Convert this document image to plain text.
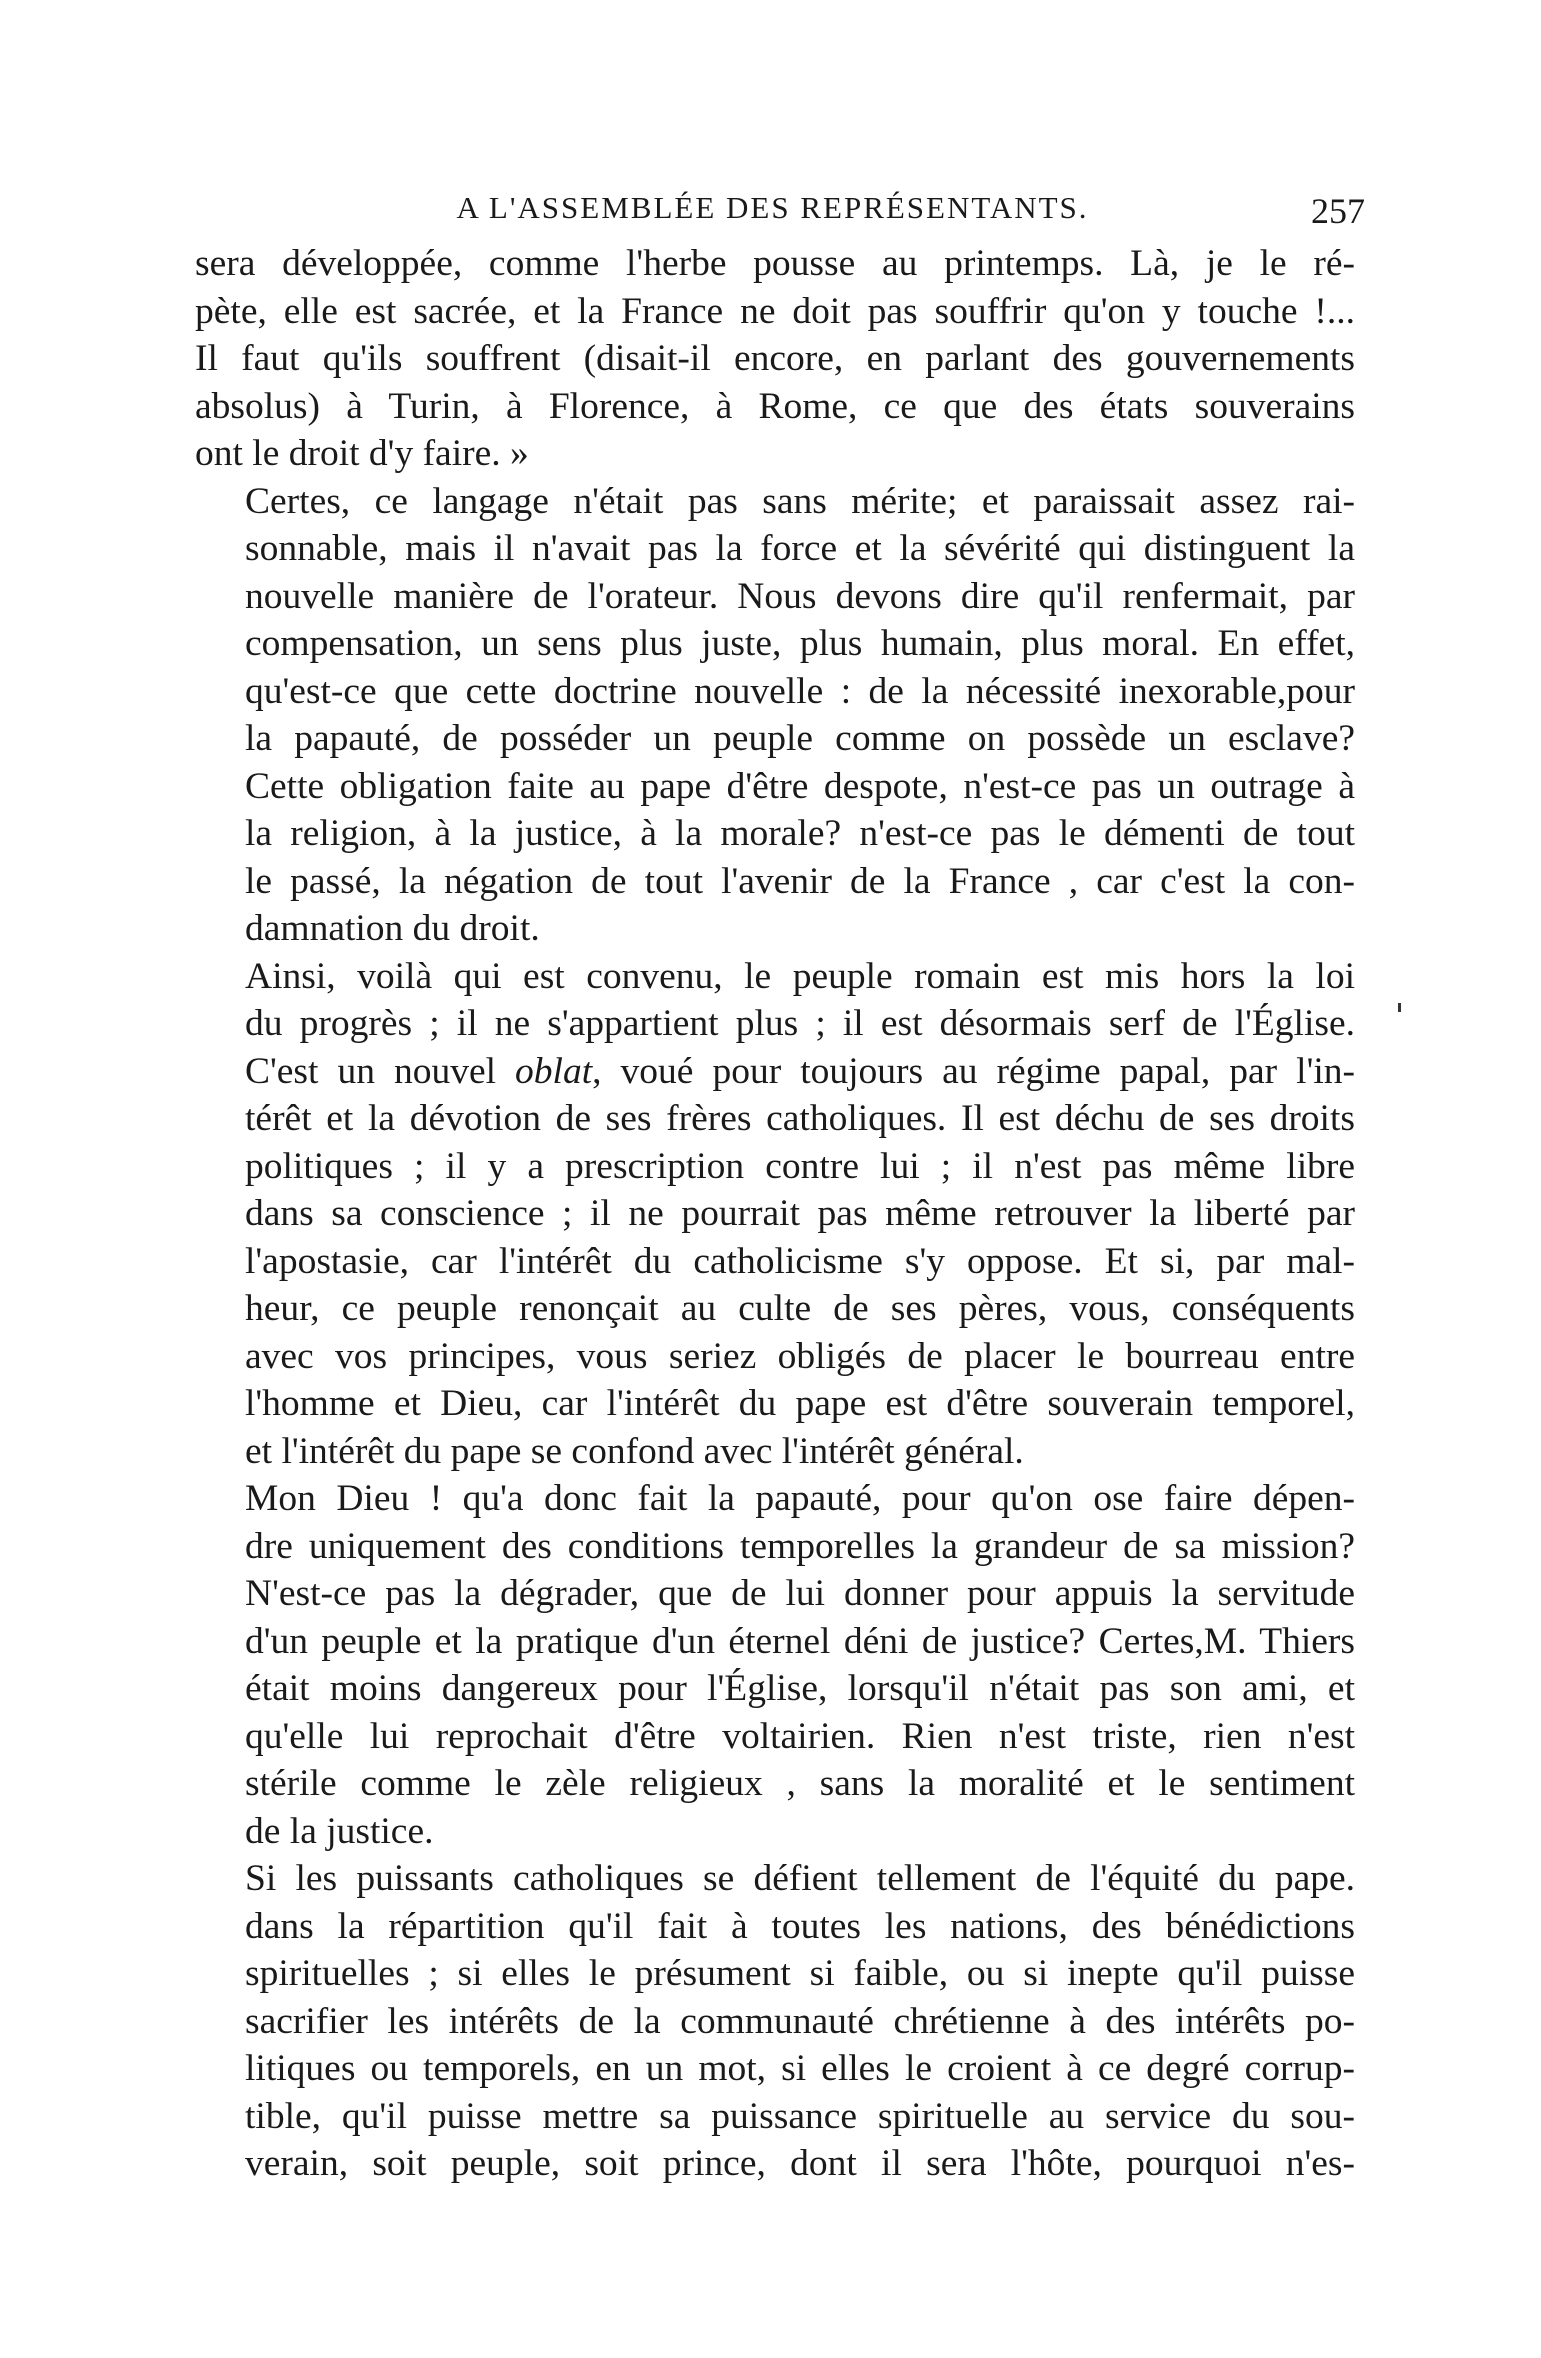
A L'ASSEMBLÉE DES REPRÉSENTANTS.	257

sera développée, comme l'herbe pousse au printemps. Là, je le ré-
pète, elle est sacrée, et la France ne doit pas souffrir qu'on y touche !...
Il faut qu'ils souffrent (disait-il encore, en parlant des gouvernements
absolus) à Turin, à Florence, à Rome, ce que des états souverains
ont le droit d'y faire. »

Certes, ce langage n'était pas sans mérite; et paraissait assez rai-
sonnable, mais il n'avait pas la force et la sévérité qui distinguent la
nouvelle manière de l'orateur. Nous devons dire qu'il renfermait, par
compensation, un sens plus juste, plus humain, plus moral. En effet,
qu'est-ce que cette doctrine nouvelle : de la nécessité inexorable,pour
la papauté, de posséder un peuple comme on possède un esclave?
Cette obligation faite au pape d'être despote, n'est-ce pas un outrage à
la religion, à la justice, à la morale? n'est-ce pas le démenti de tout
le passé, la négation de tout l'avenir de la France , car c'est la con-
damnation du droit.

Ainsi, voilà qui est convenu, le peuple romain est mis hors la loi
du progrès ; il ne s'appartient plus ; il est désormais serf de l'Église.
C'est un nouvel oblat, voué pour toujours au régime papal, par l'in-
térêt et la dévotion de ses frères catholiques. Il est déchu de ses droits
politiques ; il y a prescription contre lui ; il n'est pas même libre
dans sa conscience ; il ne pourrait pas même retrouver la liberté par
l'apostasie, car l'intérêt du catholicisme s'y oppose. Et si, par mal-
heur, ce peuple renonçait au culte de ses pères, vous, conséquents
avec vos principes, vous seriez obligés de placer le bourreau entre
l'homme et Dieu, car l'intérêt du pape est d'être souverain temporel,
et l'intérêt du pape se confond avec l'intérêt général.

Mon Dieu ! qu'a donc fait la papauté, pour qu'on ose faire dépen-
dre uniquement des conditions temporelles la grandeur de sa mission?
N'est-ce pas la dégrader, que de lui donner pour appuis la servitude
d'un peuple et la pratique d'un éternel déni de justice? Certes,M. Thiers
était moins dangereux pour l'Église, lorsqu'il n'était pas son ami, et
qu'elle lui reprochait d'être voltairien. Rien n'est triste, rien n'est
stérile comme le zèle religieux , sans la moralité et le sentiment
de la justice.

Si les puissants catholiques se défient tellement de l'équité du pape.
dans la répartition qu'il fait à toutes les nations, des bénédictions
spirituelles ; si elles le présument si faible, ou si inepte qu'il puisse
sacrifier les intérêts de la communauté chrétienne à des intérêts po-
litiques ou temporels, en un mot, si elles le croient à ce degré corrup-
tible, qu'il puisse mettre sa puissance spirituelle au service du sou-
verain, soit peuple, soit prince, dont il sera l'hôte, pourquoi n'es-
